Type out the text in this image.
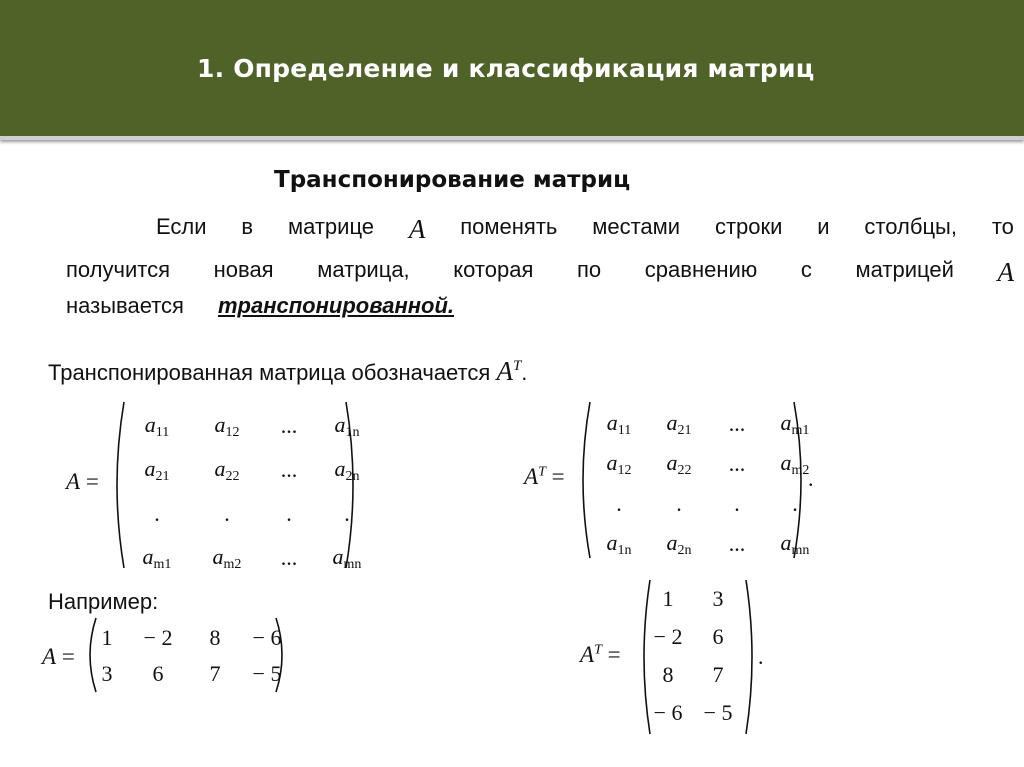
1. Определение и классификация матриц
Транспонирование матриц
Если в матрице A поменять местами строки и столбцы, то
получится новая матрица, которая по сравнению с матрицей A
называется транспонированной.
Транспонированная матрица обозначается $A^T$.
A =
$a_{11}$	$a_{12}$	...	$a_{1n}$
$a_{21}$	$a_{22}$	...	$a_{2n}$
.	.	.	.
$a_{m1}$	$a_{m2}$	...	$a_{mn}$
$A^T$ =
$a_{11}$	$a_{21}$	...	$a_{m1}$
$a_{12}$	$a_{22}$	...	$a_{m2}$
.	.	.	.
$a_{1n}$	$a_{2n}$	...	$a_{mn}$
.
Например:
A =
1	− 2	8	− 6
3	6	7	− 5
$A^T$ =
1	3
− 2	6
8	7
− 6	− 5
.
